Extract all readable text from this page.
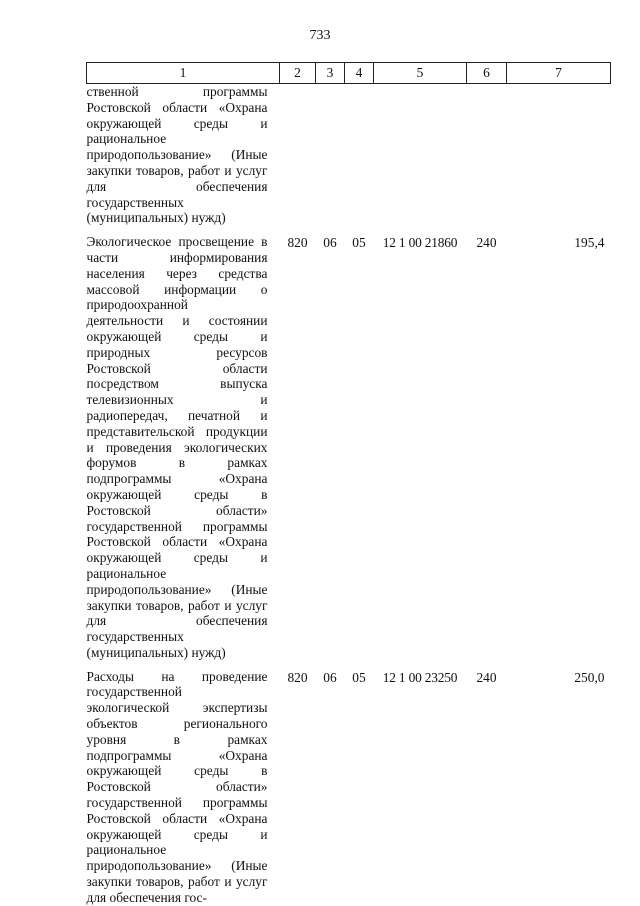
733
1	2	3	4	5	6	7
ственной программы Ростовской области «Охрана окружающей среды и рациональное природопользование» (Иные закупки товаров, работ и услуг для обеспечения государственных (муниципальных) нужд)						

Экологическое просвещение в части информирования населения через средства массовой информации о природоохранной деятельности и состоянии окружающей среды и природных ресурсов Ростовской области посредством выпуска телевизионных и радиопередач, печатной и представительской продукции и проведения экологических форумов в рамках подпрограммы «Охрана окружающей среды в Ростовской области» государственной программы Ростовской области «Охрана окружающей среды и рациональное природопользование» (Иные закупки товаров, работ и услуг для обеспечения государственных (муниципальных) нужд)	820	06	05	12 1 00 21860	240	195,4

Расходы на проведение государственной экологической экспертизы объектов регионального уровня в рамках подпрограммы «Охрана окружающей среды в Ростовской области» государственной программы Ростовской области «Охрана окружающей среды и рациональное природопользование» (Иные закупки товаров, работ и услуг для обеспечения гос-	820	06	05	12 1 00 23250	240	250,0
